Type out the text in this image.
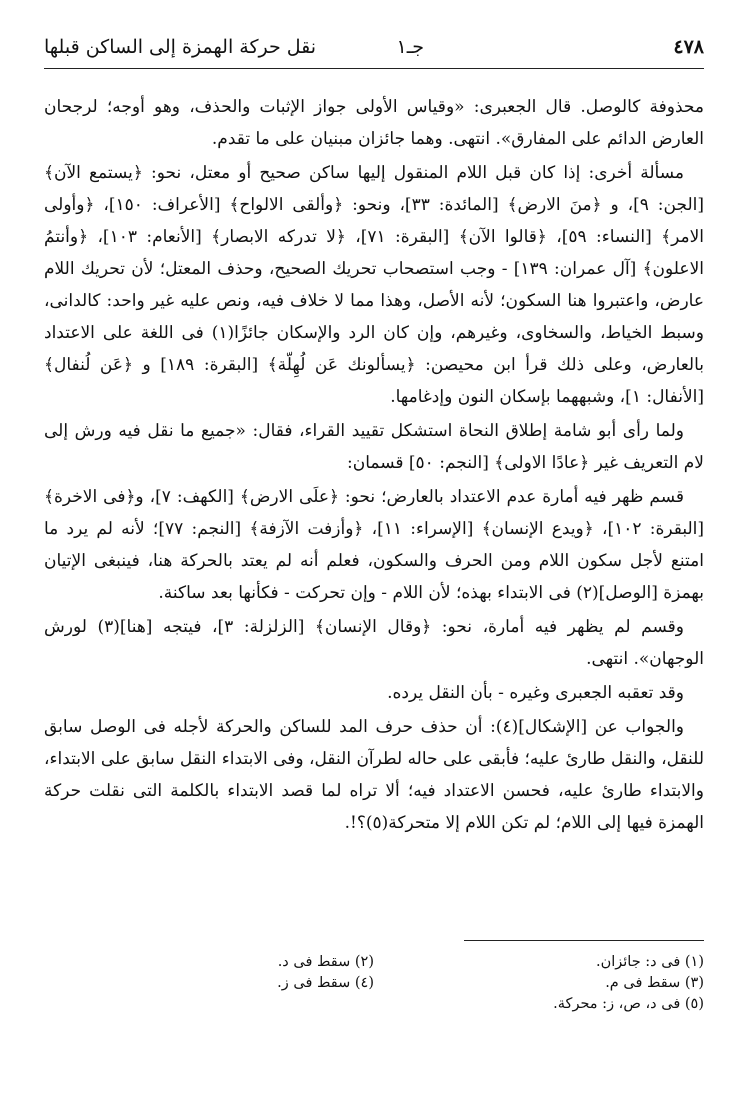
٤٧٨
جـ١
نقل حركة الهمزة إلى الساكن قبلها

محذوفة كالوصل. قال الجعبرى: «وقياس الأولى جواز الإثبات والحذف، وهو أوجه؛ لرجحان العارض الدائم على المفارق». انتهى. وهما جائزان مبنيان على ما تقدم.

مسألة أخرى: إذا كان قبل اللام المنقول إليها ساكن صحيح أو معتل، نحو: ﴿يستمع الآن﴾ [الجن: ٩]، و ﴿منَ الارض﴾ [المائدة: ٣٣]، ونحو: ﴿وألقى الالواح﴾ [الأعراف: ١٥٠]، ﴿وأولى الامر﴾ [النساء: ٥٩]، ﴿قالوا الآن﴾ [البقرة: ٧١]، ﴿لا تدركه الابصار﴾ [الأنعام: ١٠٣]، ﴿وأنتمُ الاعلون﴾ [آل عمران: ١٣٩] - وجب استصحاب تحريك الصحيح، وحذف المعتل؛ لأن تحريك اللام عارض، واعتبروا هنا السكون؛ لأنه الأصل، وهذا مما لا خلاف فيه، ونص عليه غير واحد: كالدانى، وسبط الخياط، والسخاوى، وغيرهم، وإن كان الرد والإسكان جائزًا(١) فى اللغة على الاعتداد بالعارض، وعلى ذلك قرأ ابن محيصن: ﴿يسألونك عَن لُهِلّة﴾ [البقرة: ١٨٩] و ﴿عَن لُنفال﴾ [الأنفال: ١]، وشبههما بإسكان النون وإدغامها.

ولما رأى أبو شامة إطلاق النحاة استشكل تقييد القراء، فقال: «جميع ما نقل فيه ورش إلى لام التعريف غير ﴿عادًا الاولى﴾ [النجم: ٥٠] قسمان:

قسم ظهر فيه أمارة عدم الاعتداد بالعارض؛ نحو: ﴿علَى الارض﴾ [الكهف: ٧]، و﴿فى الاخرة﴾ [البقرة: ١٠٢]، ﴿ويدع الإنسان﴾ [الإسراء: ١١]، ﴿وأزفت الآزفة﴾ [النجم: ٧٧]؛ لأنه لم يرد ما امتنع لأجل سكون اللام ومن الحرف والسكون، فعلم أنه لم يعتد بالحركة هنا، فينبغى الإتيان بهمزة [الوصل](٢) فى الابتداء بهذه؛ لأن اللام - وإن تحركت - فكأنها بعد ساكنة.

وقسم لم يظهر فيه أمارة، نحو: ﴿وقال الإنسان﴾ [الزلزلة: ٣]، فيتجه [هنا](٣) لورش الوجهان». انتهى.

وقد تعقبه الجعبرى وغيره - بأن النقل يرده.

والجواب عن [الإشكال](٤): أن حذف حرف المد للساكن والحركة لأجله فى الوصل سابق للنقل، والنقل طارئ عليه؛ فأبقى على حاله لطرآن النقل، وفى الابتداء النقل سابق على الابتداء، والابتداء طارئ عليه، فحسن الاعتداد فيه؛ ألا تراه لما قصد الابتداء بالكلمة التى نقلت حركة الهمزة فيها إلى اللام؛ لم تكن اللام إلا متحركة(٥)؟!.

(١) فى د: جائزان.
(٢) سقط فى د.
(٣) سقط فى م.
(٤) سقط فى ز.
(٥) فى د، ص، ز: محركة.
